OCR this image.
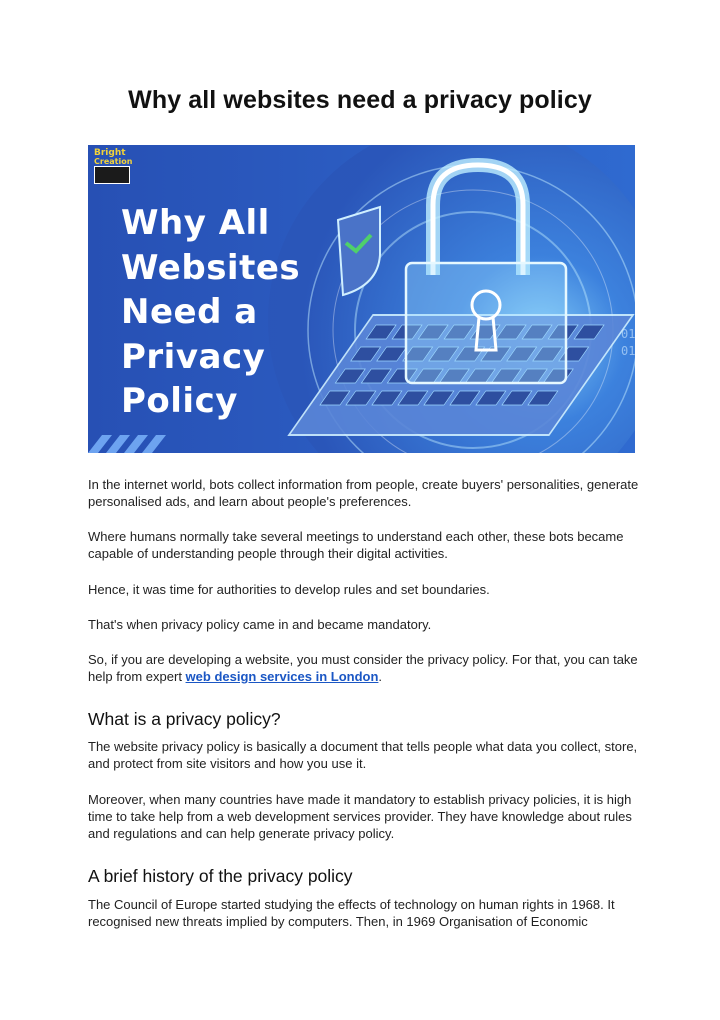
Why all websites need a privacy policy
01
01
Bright
Creation
Why All
Websites
Need a
Privacy
Policy

In the internet world, bots collect information from people, create buyers' personalities, generate personalised ads, and learn about people's preferences.

Where humans normally take several meetings to understand each other, these bots became capable of understanding people through their digital activities.

Hence, it was time for authorities to develop rules and set boundaries.

That's when privacy policy came in and became mandatory.

So, if you are developing a website, you must consider the privacy policy. For that, you can take help from expert web design services in London.

What is a privacy policy?

The website privacy policy is basically a document that tells people what data you collect, store, and protect from site visitors and how you use it.

Moreover, when many countries have made it mandatory to establish privacy policies, it is high time to take help from a web development services provider. They have knowledge about rules and regulations and can help generate privacy policy.

A brief history of the privacy policy

The Council of Europe started studying the effects of technology on human rights in 1968. It recognised new threats implied by computers. Then, in 1969 Organisation of Economic
